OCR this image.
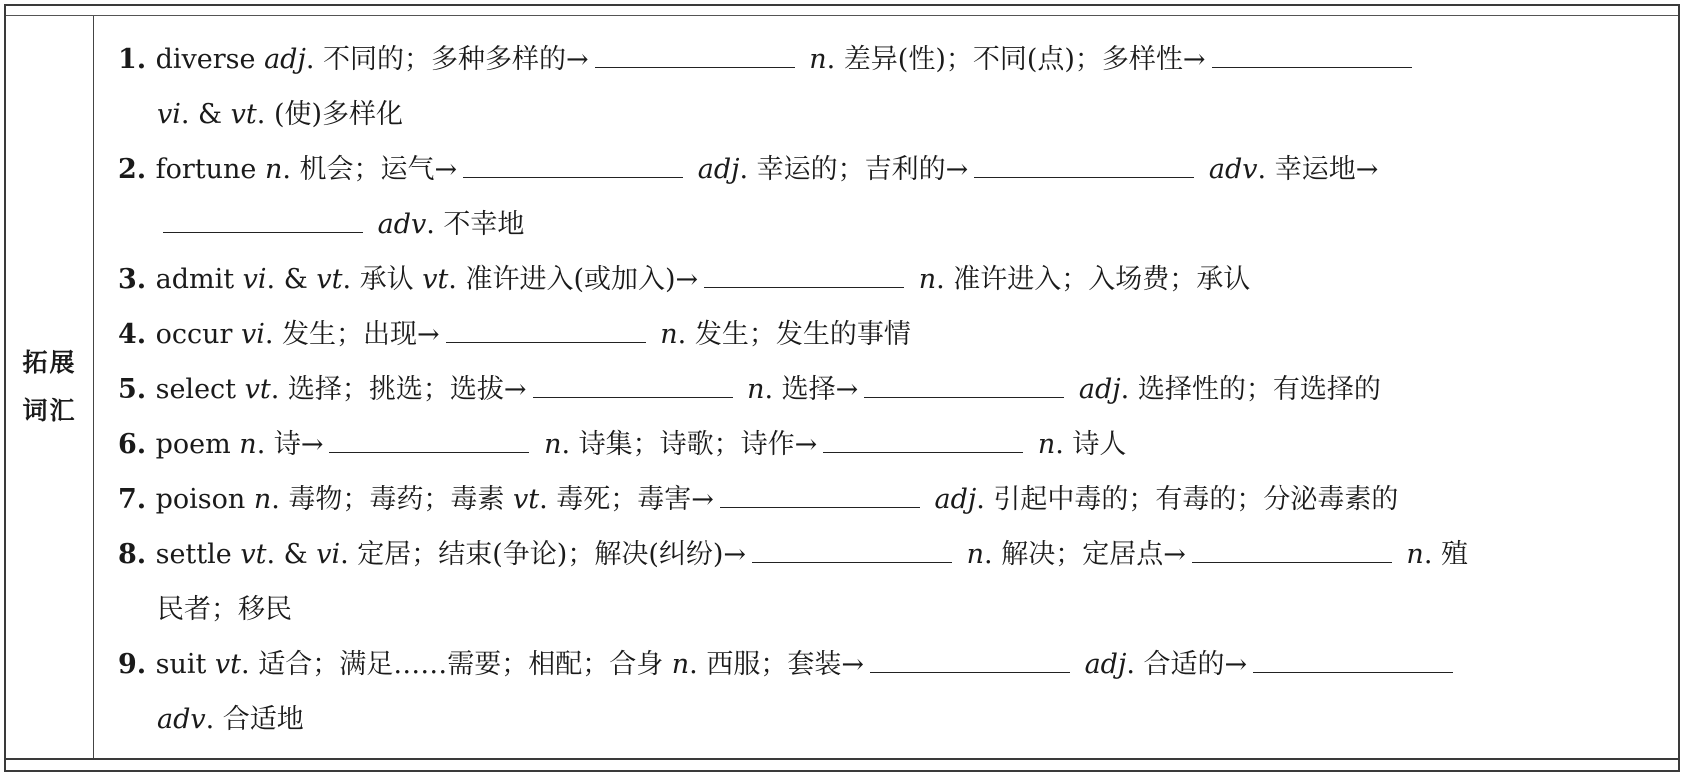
拓展词汇
1. diverse adj. 不同的；多种多样的→	n. 差异(性)；不同(点)；多样性→
vi. & vt. (使)多样化
2. fortune n. 机会；运气→	adj. 幸运的；吉利的→	adv. 幸运地→
adv. 不幸地
3. admit vi. & vt. 承认 vt. 准许进入(或加入)→	n. 准许进入；入场费；承认
4. occur vi. 发生；出现→	n. 发生；发生的事情
5. select vt. 选择；挑选；选拔→	n. 选择→	adj. 选择性的；有选择的
6. poem n. 诗→	n. 诗集；诗歌；诗作→	n. 诗人
7. poison n. 毒物；毒药；毒素 vt. 毒死；毒害→	adj. 引起中毒的；有毒的；分泌毒素的
8. settle vt. & vi. 定居；结束(争论)；解决(纠纷)→	n. 解决；定居点→	n. 殖
民者；移民
9. suit vt. 适合；满足……需要；相配；合身 n. 西服；套装→	adj. 合适的→
adv. 合适地
